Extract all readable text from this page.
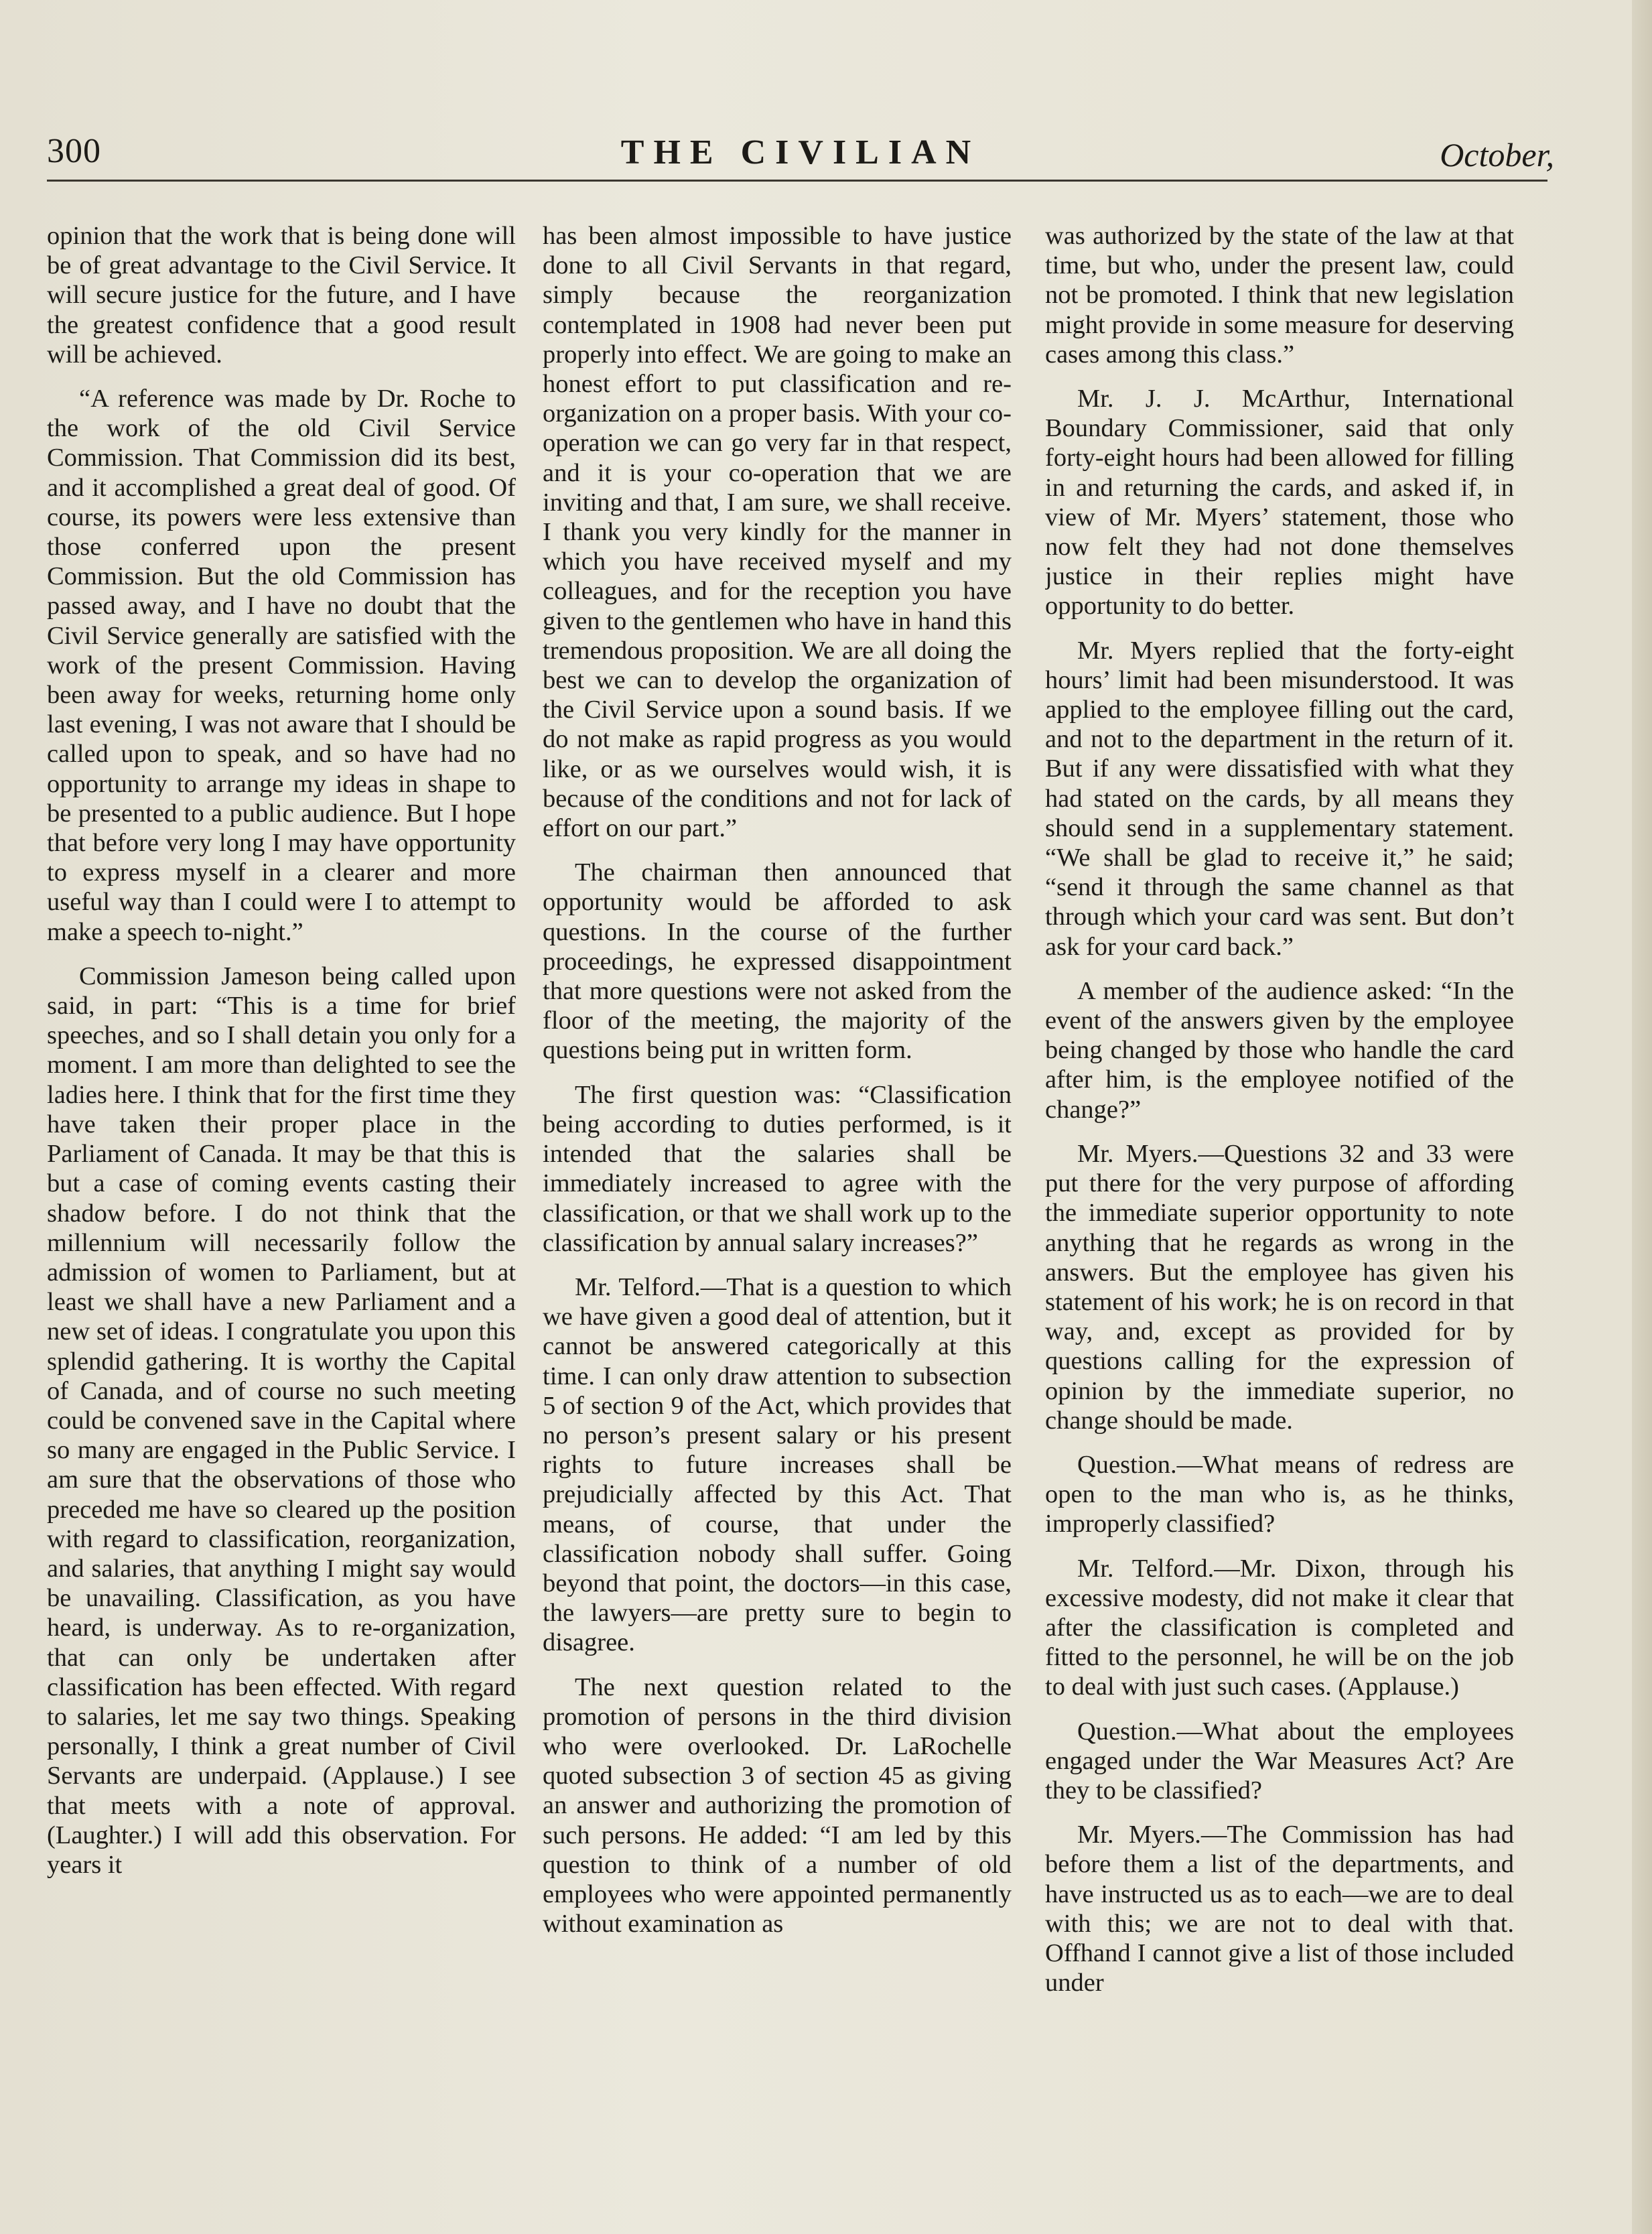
300	THE CIVILIAN	October,

opinion that the work that is being done will be of great advantage to the Civil Service. It will secure justice for the future, and I have the greatest confidence that a good result will be achieved.

“A reference was made by Dr. Roche to the work of the old Civil Service Commission. That Commission did its best, and it accomplished a great deal of good. Of course, its powers were less extensive than those conferred upon the present Commission. But the old Commission has passed away, and I have no doubt that the Civil Service generally are satisfied with the work of the present Commission. Having been away for weeks, returning home only last evening, I was not aware that I should be called upon to speak, and so have had no opportunity to arrange my ideas in shape to be presented to a public audience. But I hope that before very long I may have opportunity to express myself in a clearer and more useful way than I could were I to attempt to make a speech to-night.”

Commission Jameson being called upon said, in part: “This is a time for brief speeches, and so I shall detain you only for a moment. I am more than delighted to see the ladies here. I think that for the first time they have taken their proper place in the Parliament of Canada. It may be that this is but a case of coming events casting their shadow before. I do not think that the millennium will necessarily follow the admission of women to Parliament, but at least we shall have a new Parliament and a new set of ideas. I congratulate you upon this splendid gathering. It is worthy the Capital of Canada, and of course no such meeting could be convened save in the Capital where so many are engaged in the Public Service. I am sure that the observations of those who preceded me have so cleared up the position with regard to classification, reorganization, and salaries, that anything I might say would be unavailing. Classification, as you have heard, is underway. As to re-organization, that can only be undertaken after classification has been effected. With regard to salaries, let me say two things. Speaking personally, I think a great number of Civil Servants are underpaid. (Applause.) I see that meets with a note of approval. (Laughter.) I will add this observation. For years it

has been almost impossible to have justice done to all Civil Servants in that regard, simply because the reorganization contemplated in 1908 had never been put properly into effect. We are going to make an honest effort to put classification and re-organization on a proper basis. With your co-operation we can go very far in that respect, and it is your co-operation that we are inviting and that, I am sure, we shall receive. I thank you very kindly for the manner in which you have received myself and my colleagues, and for the reception you have given to the gentlemen who have in hand this tremendous proposition. We are all doing the best we can to develop the organization of the Civil Service upon a sound basis. If we do not make as rapid progress as you would like, or as we ourselves would wish, it is because of the conditions and not for lack of effort on our part.”

The chairman then announced that opportunity would be afforded to ask questions. In the course of the further proceedings, he expressed disappointment that more questions were not asked from the floor of the meeting, the majority of the questions being put in written form.

The first question was: “Classification being according to duties performed, is it intended that the salaries shall be immediately increased to agree with the classification, or that we shall work up to the classification by annual salary increases?”

Mr. Telford.—That is a question to which we have given a good deal of attention, but it cannot be answered categorically at this time. I can only draw attention to subsection 5 of section 9 of the Act, which provides that no person’s present salary or his present rights to future increases shall be prejudicially affected by this Act. That means, of course, that under the classification nobody shall suffer. Going beyond that point, the doctors—in this case, the lawyers—are pretty sure to begin to disagree.

The next question related to the promotion of persons in the third division who were overlooked. Dr. LaRochelle quoted subsection 3 of section 45 as giving an answer and authorizing the promotion of such persons. He added: “I am led by this question to think of a number of old employees who were appointed permanently without examination as

was authorized by the state of the law at that time, but who, under the present law, could not be promoted. I think that new legislation might provide in some measure for deserving cases among this class.”

Mr. J. J. McArthur, International Boundary Commissioner, said that only forty-eight hours had been allowed for filling in and returning the cards, and asked if, in view of Mr. Myers’ statement, those who now felt they had not done themselves justice in their replies might have opportunity to do better.

Mr. Myers replied that the forty-eight hours’ limit had been misunderstood. It was applied to the employee filling out the card, and not to the department in the return of it. But if any were dissatisfied with what they had stated on the cards, by all means they should send in a supplementary statement. “We shall be glad to receive it,” he said; “send it through the same channel as that through which your card was sent. But don’t ask for your card back.”

A member of the audience asked: “In the event of the answers given by the employee being changed by those who handle the card after him, is the employee notified of the change?”

Mr. Myers.—Questions 32 and 33 were put there for the very purpose of affording the immediate superior opportunity to note anything that he regards as wrong in the answers. But the employee has given his statement of his work; he is on record in that way, and, except as provided for by questions calling for the expression of opinion by the immediate superior, no change should be made.

Question.—What means of redress are open to the man who is, as he thinks, improperly classified?

Mr. Telford.—Mr. Dixon, through his excessive modesty, did not make it clear that after the classification is completed and fitted to the personnel, he will be on the job to deal with just such cases. (Applause.)

Question.—What about the employees engaged under the War Measures Act? Are they to be classified?

Mr. Myers.—The Commission has had before them a list of the departments, and have instructed us as to each—we are to deal with this; we are not to deal with that. Offhand I cannot give a list of those included under
